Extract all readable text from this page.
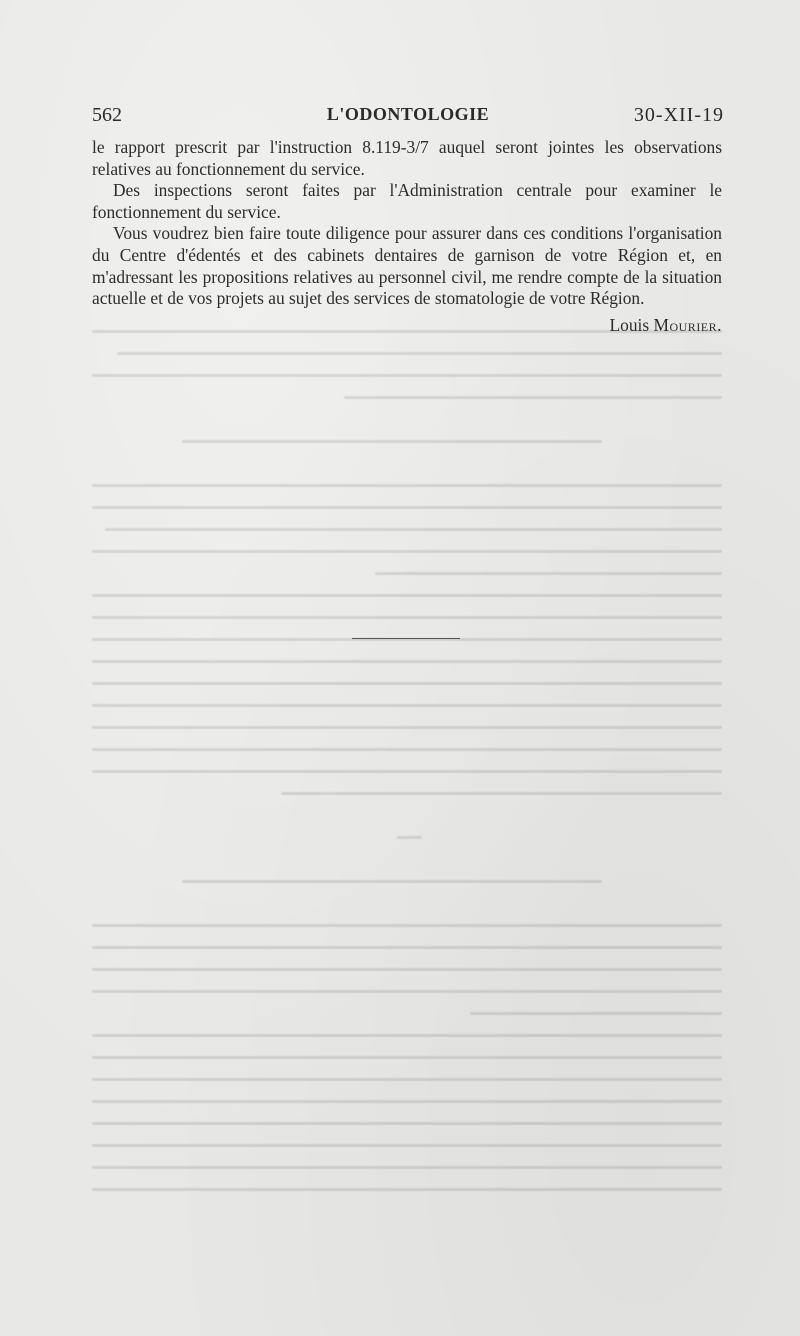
562	L'ODONTOLOGIE	30-XII-19

le rapport prescrit par l'instruction 8.119-3/7 auquel seront jointes les observations relatives au fonctionnement du service.

Des inspections seront faites par l'Administration centrale pour examiner le fonctionnement du service.

Vous voudrez bien faire toute diligence pour assurer dans ces conditions l'organisation du Centre d'édentés et des cabinets dentaires de garnison de votre Région et, en m'adressant les propositions relatives au personnel civil, me rendre compte de la situation actuelle et de vos projets au sujet des services de stomatologie de votre Région.

Louis Mourier.
